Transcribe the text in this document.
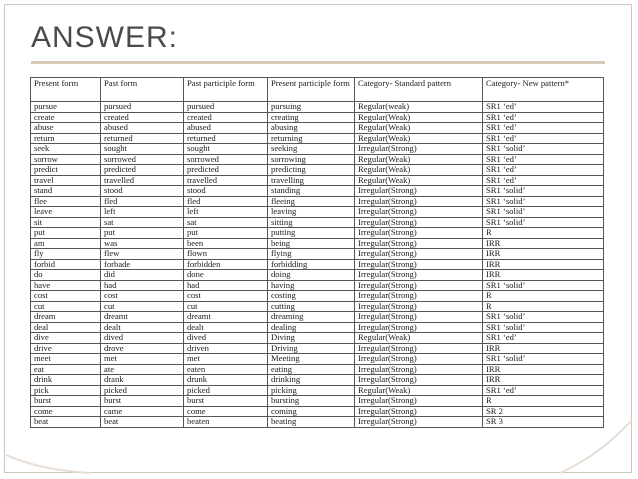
ANSWER:
Present form	Past form	Past participle form	Present participle form	Category- Standard pattern	Category- New pattern*
pursue	pursued	pursued	pursuing	Regular(weak)	SR1 ‘ed’
create	created	created	creating	Regular(Weak)	SR1 ‘ed’
abuse	abused	abused	abusing	Regular(Weak)	SR1 ‘ed’
return	returned	returned	returning	Regular(Weak)	SR1 ‘ed’
seek	sought	sought	seeking	Irregular(Strong)	SR1 ‘solid’
sorrow	sorrowed	sorrowed	sorrowing	Regular(Weak)	SR1 ‘ed’
predict	predicted	predicted	predicting	Regular(Weak)	SR1 ‘ed’
travel	travelled	travelled	travelling	Regular(Weak)	SR1 ‘ed’
stand	stood	stood	standing	Irregular(Strong)	SR1 ‘solid’
flee	fled	fled	fleeing	Irregular(Strong)	SR1 ‘solid’
leave	left	left	leaving	Irregular(Strong)	SR1 ‘solid’
sit	sat	sat	sitting	Irregular(Strong)	SR1 ‘solid’
put	put	put	putting	Irregular(Strong)	R
am	was	been	being	Irregular(Strong)	IRR
fly	flew	flown	flying	Irregular(Strong)	IRR
forbid	forbade	forbidden	forbidding	Irregular(Strong)	IRR
do	did	done	doing	Irregular(Strong)	IRR
have	had	had	having	Irregular(Strong)	SR1 ‘solid’
cost	cost	cost	costing	Irregular(Strong)	R
cut	cut	cut	cutting	Irregular(Strong)	R
dream	dreamt	dreamt	dreaming	Irregular(Strong)	SR1 ‘solid’
deal	dealt	dealt	dealing	Irregular(Strong)	SR1 ‘solid’
dive	dived	dived	Diving	Regular(Weak)	SR1 ‘ed’
drive	drove	driven	Driving	Irregular(Strong)	IRR
meet	met	met	Meeting	Irregular(Strong)	SR1 ‘solid’
eat	ate	eaten	eating	Irregular(Strong)	IRR
drink	drank	drunk	drinking	Irregular(Strong)	IRR
pick	picked	picked	picking	Regular(Weak)	SR1 ‘ed’
burst	burst	burst	bursting	Irregular(Strong)	R
come	came	come	coming	Irregular(Strong)	SR 2
beat	beat	beaten	beating	Irregular(Strong)	SR 3
